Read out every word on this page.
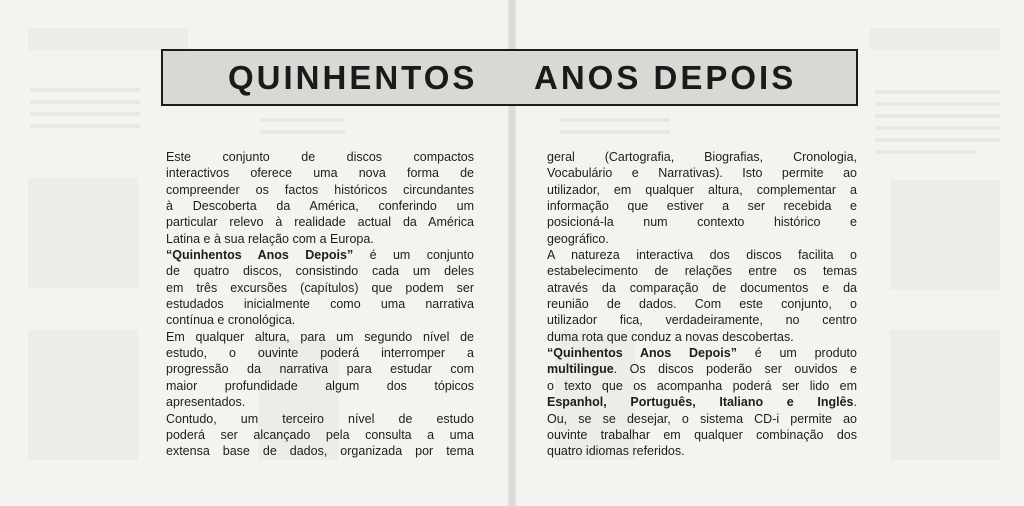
QUINHENTOS ANOS DEPOIS
Este conjunto de discos compactos
interactivos oferece uma nova forma de
compreender os factos históricos circundantes
à Descoberta da América, conferindo um
particular relevo à realidade actual da América
Latina e à sua relação com a Europa.
“Quinhentos Anos Depois” é um conjunto
de quatro discos, consistindo cada um deles
em três excursões (capítulos) que podem ser
estudados inicialmente como uma narrativa
contínua e cronológica.
Em qualquer altura, para um segundo nível de
estudo, o ouvinte poderá interromper a
progressão da narrativa para estudar com
maior profundidade algum dos tópicos
apresentados.
Contudo, um terceiro nível de estudo
poderá ser alcançado pela consulta a uma
extensa base de dados, organizada por tema
geral (Cartografia, Biografias, Cronologia,
Vocabulário e Narrativas). Isto permite ao
utilizador, em qualquer altura, complementar a
informação que estiver a ser recebida e
posicioná-la num contexto histórico e
geográfico.
A natureza interactiva dos discos facilita o
estabelecimento de relações entre os temas
através da comparação de documentos e da
reunião de dados. Com este conjunto, o
utilizador fica, verdadeiramente, no centro
duma rota que conduz a novas descobertas.
“Quinhentos Anos Depois” é um produto
multilingue. Os discos poderão ser ouvidos e
o texto que os acompanha poderá ser lido em
Espanhol, Português, Italiano e Inglês.
Ou, se se desejar, o sistema CD-i permite ao
ouvinte trabalhar em qualquer combinação dos
quatro idiomas referidos.
